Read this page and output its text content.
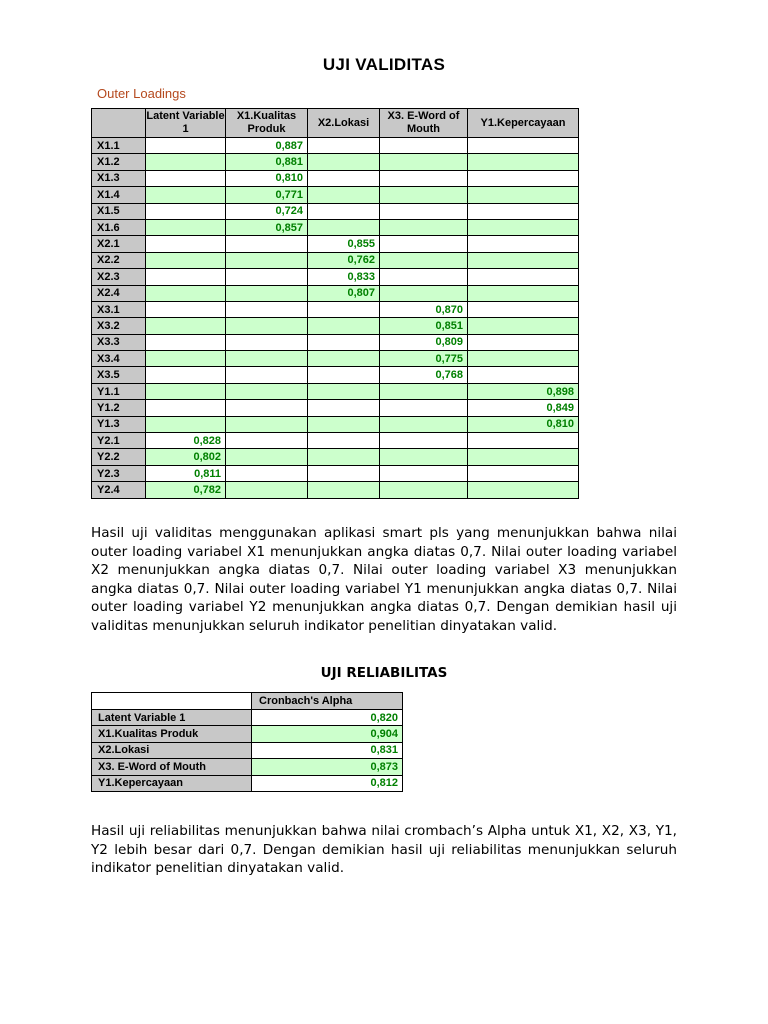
UJI VALIDITAS
Outer Loadings
	Latent Variable 1	X1.Kualitas Produk	X2.Lokasi	X3. E-Word of Mouth	Y1.Kepercayaan
X1.1		0,887			
X1.2		0,881			
X1.3		0,810			
X1.4		0,771			
X1.5		0,724			
X1.6		0,857			
X2.1			0,855		
X2.2			0,762		
X2.3			0,833		
X2.4			0,807		
X3.1				0,870	
X3.2				0,851	
X3.3				0,809	
X3.4				0,775	
X3.5				0,768	
Y1.1					0,898
Y1.2					0,849
Y1.3					0,810
Y2.1	0,828				
Y2.2	0,802				
Y2.3	0,811				
Y2.4	0,782				

Hasil uji validitas menggunakan aplikasi smart pls yang menunjukkan bahwa nilai outer loading variabel X1 menunjukkan angka diatas 0,7. Nilai outer loading variabel X2 menunjukkan angka diatas 0,7. Nilai outer loading variabel X3 menunjukkan angka diatas 0,7. Nilai outer loading variabel Y1 menunjukkan angka diatas 0,7. Nilai outer loading variabel Y2 menunjukkan angka diatas 0,7. Dengan demikian hasil uji validitas menunjukkan seluruh indikator penelitian dinyatakan valid.

UJI RELIABILITAS
	Cronbach's Alpha
Latent Variable 1	0,820
X1.Kualitas Produk	0,904
X2.Lokasi	0,831
X3. E-Word of Mouth	0,873
Y1.Kepercayaan	0,812

Hasil uji reliabilitas menunjukkan bahwa nilai crombach’s Alpha untuk X1, X2, X3, Y1, Y2 lebih besar dari 0,7. Dengan demikian hasil uji reliabilitas menunjukkan seluruh indikator penelitian dinyatakan valid.
